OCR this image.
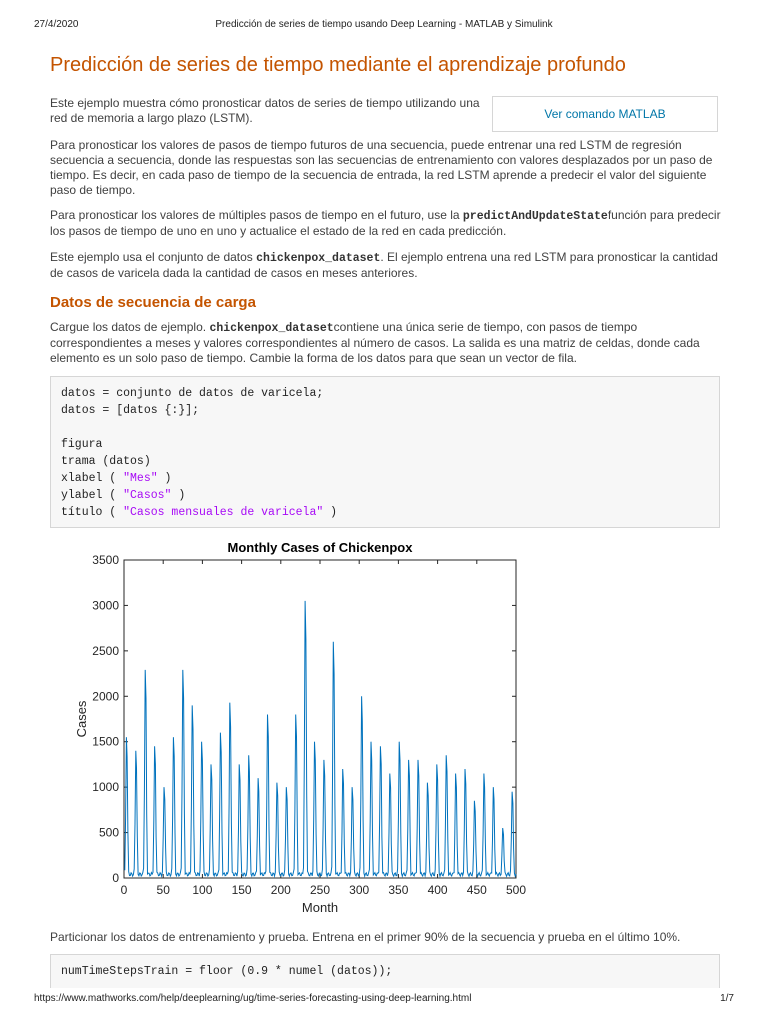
27/4/2020	Predicción de series de tiempo usando Deep Learning - MATLAB y Simulink
Predicción de series de tiempo mediante el aprendizaje profundo
Ver comando MATLAB

Este ejemplo muestra cómo pronosticar datos de series de tiempo utilizando una red de memoria a largo plazo (LSTM).

Para pronosticar los valores de pasos de tiempo futuros de una secuencia, puede entrenar una red LSTM de regresión secuencia a secuencia, donde las respuestas son las secuencias de entrenamiento con valores desplazados por un paso de tiempo. Es decir, en cada paso de tiempo de la secuencia de entrada, la red LSTM aprende a predecir el valor del siguiente paso de tiempo.

Para pronosticar los valores de múltiples pasos de tiempo en el futuro, use la predictAndUpdateStatefunción para predecir los pasos de tiempo de uno en uno y actualice el estado de la red en cada predicción.

Este ejemplo usa el conjunto de datos chickenpox_dataset. El ejemplo entrena una red LSTM para pronosticar la cantidad de casos de varicela dada la cantidad de casos en meses anteriores.

Datos de secuencia de carga

Cargue los datos de ejemplo. chickenpox_datasetcontiene una única serie de tiempo, con pasos de tiempo correspondientes a meses y valores correspondientes al número de casos. La salida es una matriz de celdas, donde cada elemento es un solo paso de tiempo. Cambie la forma de los datos para que sean un vector de fila.

datos = conjunto de datos de varicela;
datos = [datos {:}];
figura
trama (datos)
xlabel ( "Mes" )
ylabel ( "Casos" )
título ( "Casos mensuales de varicela" )
Monthly Cases of Chickenpox
0 50 100 150 200 250 300 350 400 450 500
0
500
1000
1500
2000
2500
3000
3500
Month
Cases

Particionar los datos de entrenamiento y prueba. Entrena en el primer 90% de la secuencia y prueba en el último 10%.

numTimeStepsTrain = floor (0.9 * numel (datos));
https://www.mathworks.com/help/deeplearning/ug/time-series-forecasting-using-deep-learning.html	1/7
